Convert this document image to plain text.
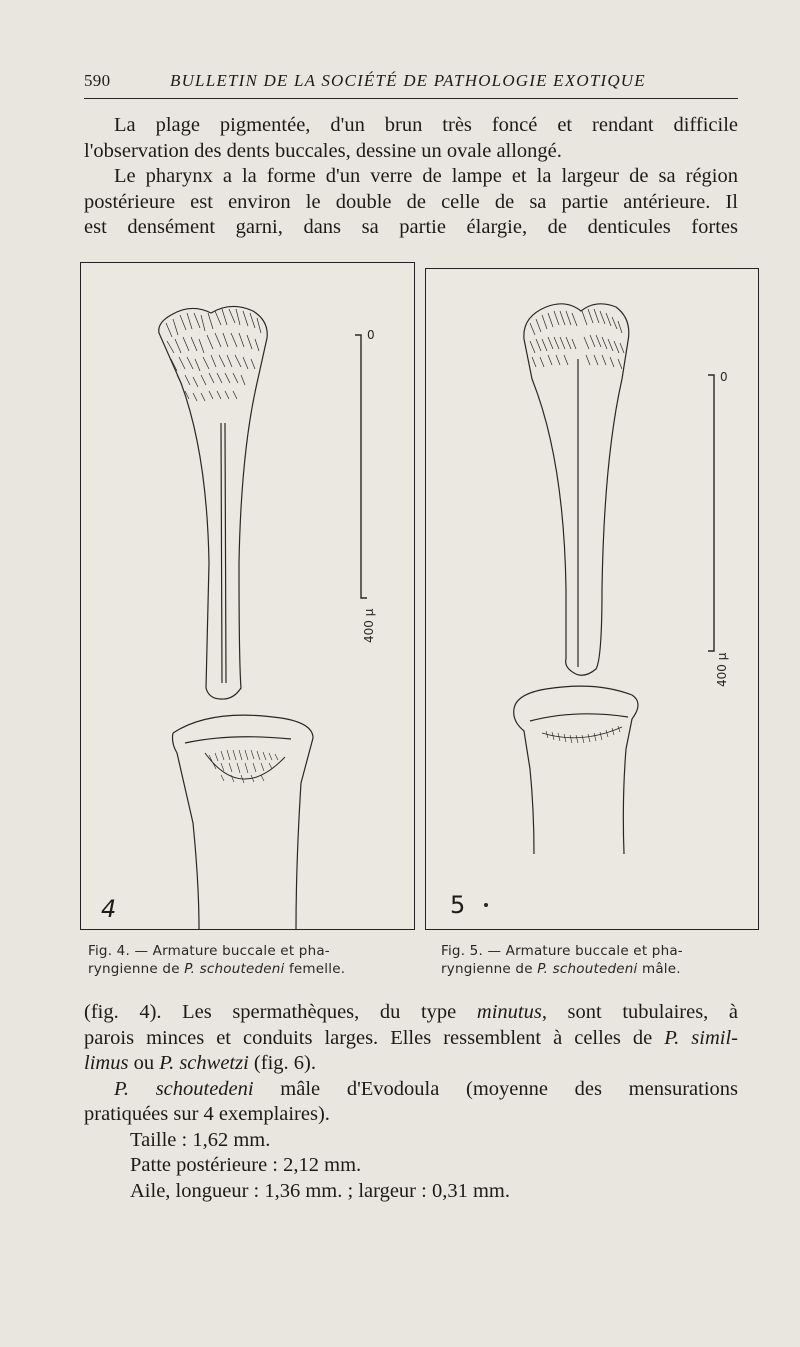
590	BULLETIN DE LA SOCIÉTÉ DE PATHOLOGIE EXOTIQUE

La plage pigmentée, d'un brun très foncé et rendant difficile
l'observation des dents buccales, dessine un ovale allongé.

Le pharynx a la forme d'un verre de lampe et la largeur de sa région
postérieure est environ le double de celle de sa partie antérieure. Il
est densément garni, dans sa partie élargie, de denticules fortes

0
400 μ
4
0
400 μ
5
Fig. 4. — Armature buccale et pha-
ryngienne de P. schoutedeni femelle.
Fig. 5. — Armature buccale et pha-
ryngienne de P. schoutedeni mâle.

(fig. 4). Les spermathèques, du type minutus, sont tubulaires, à
parois minces et conduits larges. Elles ressemblent à celles de P. simil-
limus ou P. schwetzi (fig. 6).

P. schoutedeni mâle d'Evodoula (moyenne des mensurations
pratiquées sur 4 exemplaires).

Taille : 1,62 mm.

Patte postérieure : 2,12 mm.

Aile, longueur : 1,36 mm. ; largeur : 0,31 mm.
